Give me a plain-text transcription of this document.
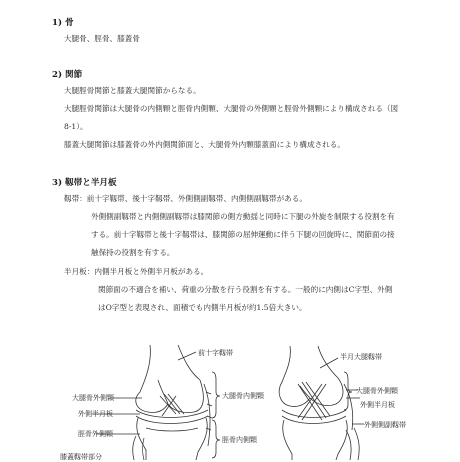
1) 骨
大腿骨、脛骨、膝蓋骨
2) 関節
大腿脛骨関節と膝蓋大腿関節からなる。
大腿脛骨関節は大腿骨の内側顆と脛骨内側顆、大腿骨の外側顆と脛骨外側顆により構成される（図
8-1）。
膝蓋大腿関節は膝蓋骨の外内側関節面と、大腿骨外内顆膝蓋面により構成される。
3) 靱帯と半月板
靱帯：前十字靱帯、後十字靱帯、外側側副靱帯、内側側副靱帯がある。
外側側副靱帯と内側側副靱帯は膝関節の側方動揺と同時に下腿の外旋を制限する役割を有
する。前十字靱帯と後十字靱帯は、膝関節の屈伸運動に伴う下腿の回旋時に、関節面の接
触保持の役割を有する。
半月板：内側半月板と外側半月板がある。
関節面の不適合を補い、荷重の分散を行う役割を有する。一般的に内側はC字型、外側
はO字型と表現され、面積でも内側半月板が約1.5倍大きい。
前十字靱帯
大腿骨外側顆
外側半月板
脛骨外側顆
膝蓋靱帯部分
大腿骨内側顆
脛骨内側顆
半月大腿靱帯
大腿骨外側顆
外側半月板
外側側副靱帯
